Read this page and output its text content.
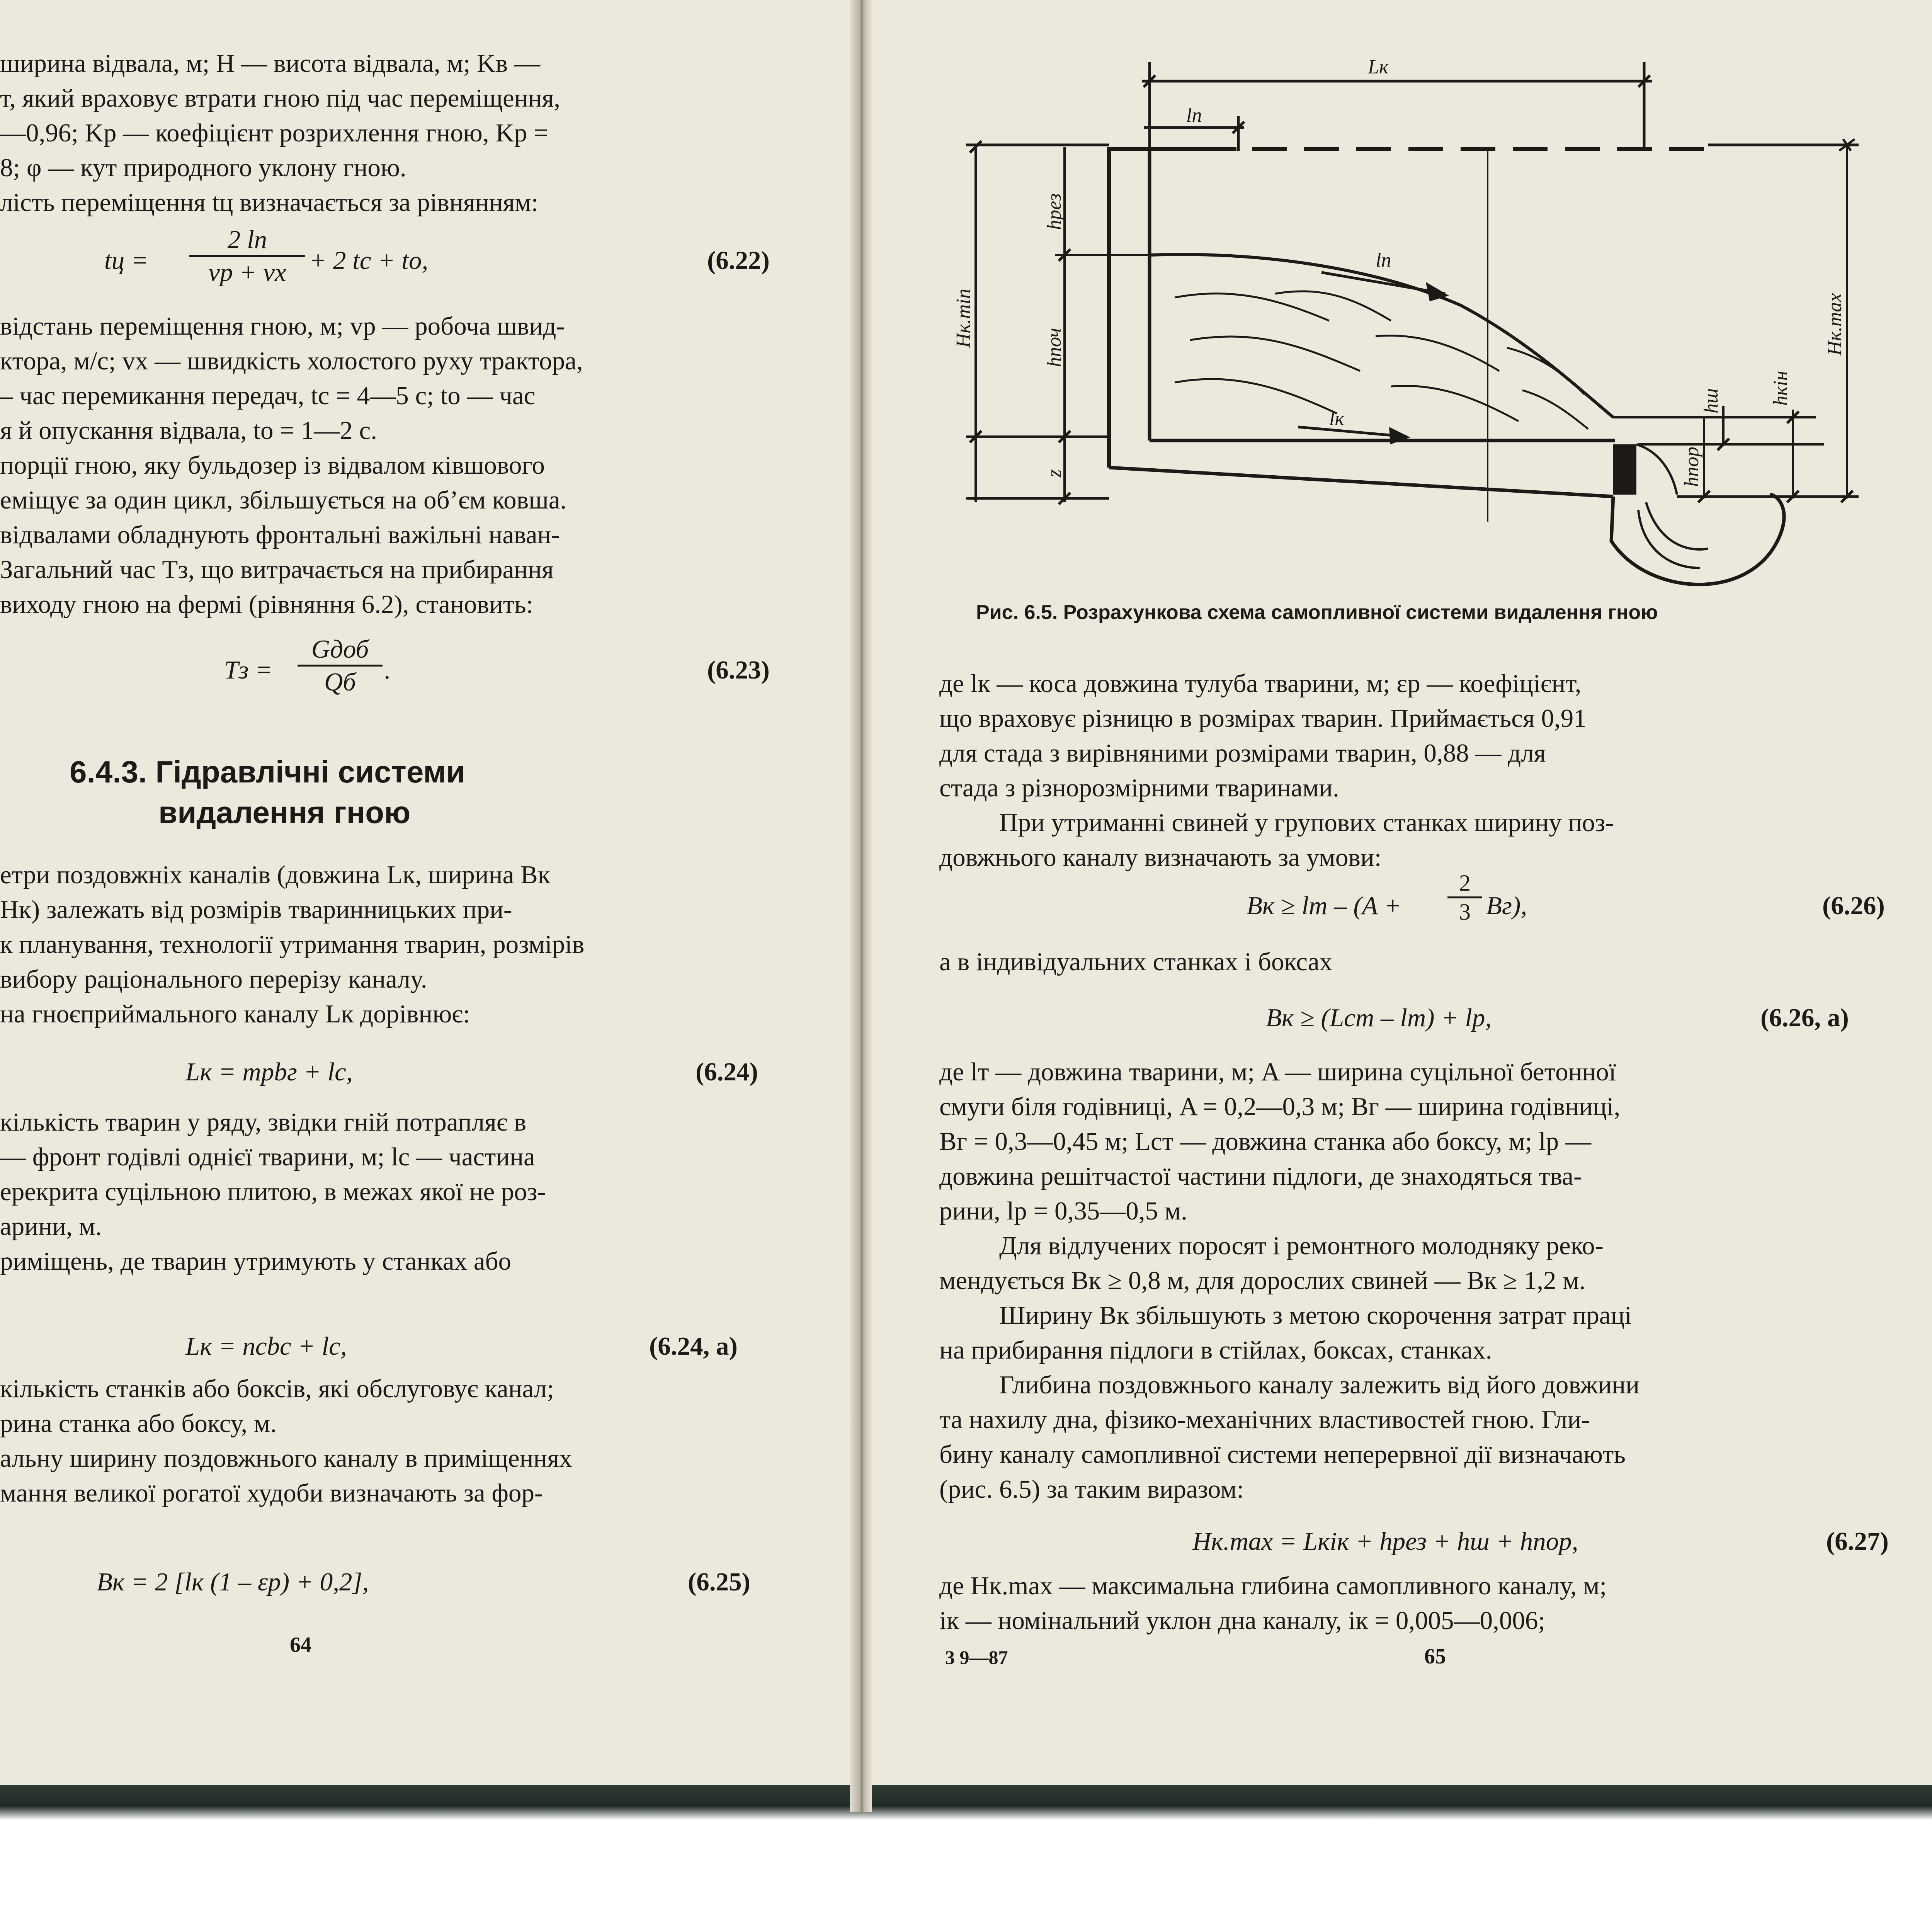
ширина відвала, м; H — висота відвала, м; Kв —
т, який враховує втрати гною під час переміщення,
—0,96; Kр — коефіцієнт розрихлення гною, Kр =
8; φ — кут природного уклону гною.
ліcть переміщення tц визначається за рівнянням:
tц =
2 lп
vр + vх + 2 tс + tо,	(6.22)
відстань переміщення гною, м; vр — робоча швид-
ктора, м/с; vх — швидкість холостого руху трактора,
– час перемикання передач, tс = 4—5 с; tо — час
я й опускання відвала, tо = 1—2 с.
порції гною, яку бульдозер із відвалом ківшового
еміщує за один цикл, збільшується на об’єм ковша.
відвалами обладнують фронтальні важільні наван-
Загальний час Tз, що витрачається на прибирання
виходу гною на фермі (рівняння 6.2), становить:
Tз =
Gдоб
Qб	.	(6.23)
6.4.3. Гідравлічні системи
видалення гною
етри поздовжніх каналів (довжина Lк, ширина Bк
Hк) залежать від розмірів тваринницьких при-
к планування, технології утримання тварин, розмірів
вибору раціонального перерізу каналу.
на гноєприймального каналу Lк дорівнює:
Lк = mрbг + lс,	(6.24)
кількість тварин у ряду, звідки гній потрапляє в
— фронт годівлі однієї тварини, м; lс — частина
ерекрита суцільною плитою, в межах якої не роз-
арини, м.
риміщень, де тварин утримують у станках або
Lк = nсbс + lс,	(6.24, а)
кількість станків або боксів, які обслуговує канал;
рина станка або боксу, м.
альну ширину поздовжнього каналу в приміщеннях
мання великої рогатої худоби визначають за фор-
Bк = 2 [lк (1 – εр) + 0,2],	(6.25)
64
Lк
lп
lп
lк
hрез
hпоч
Hк.min
z
Hк.max
hкін
hш
hпор
Рис. 6.5. Розрахункова схема самопливної системи видалення гною
де lк — коса довжина тулуба тварини, м; εр — коефіцієнт,
що враховує різницю в розмірах тварин. Приймається 0,91
для стада з вирівняними розмірами тварин, 0,88 — для
стада з різнорозмірними тваринами.
При утриманні свиней у групових станках ширину поз-
довжнього каналу визначають за умови:
Bк ≥ lт – $(A + \frac{2}{3} Bг)$,	(6.26)
а в індивідуальних станках і боксах
Bк ≥ (Lст – lт) + lр,	(6.26, а)
де lт — довжина тварини, м; A — ширина суцільної бетонної
смуги біля годівниці, A = 0,2—0,3 м; Bг — ширина годівниці,
Bг = 0,3—0,45 м; Lст — довжина станка або боксу, м; lр —
довжина решітчастої частини підлоги, де знаходяться тва-
рини, lр = 0,35—0,5 м.
Для відлучених поросят і ремонтного молодняку реко-
мендується Bк ≥ 0,8 м, для дорослих свиней — Bк ≥ 1,2 м.
Ширину Bк збільшують з метою скорочення затрат праці
на прибирання підлоги в стійлах, боксах, станках.
Глибина поздовжнього каналу залежить від його довжини
та нахилу дна, фізико-механічних властивостей гною. Гли-
бину каналу самопливної системи неперервної дії визначають
(рис. 6.5) за таким виразом:
Hк.max = Lкiк + hрез + hш + hпор,	(6.27)
де Hк.max — максимальна глибина самопливного каналу, м;
iк — номінальний уклон дна каналу, iк = 0,005—0,006;
3 9—87	65
